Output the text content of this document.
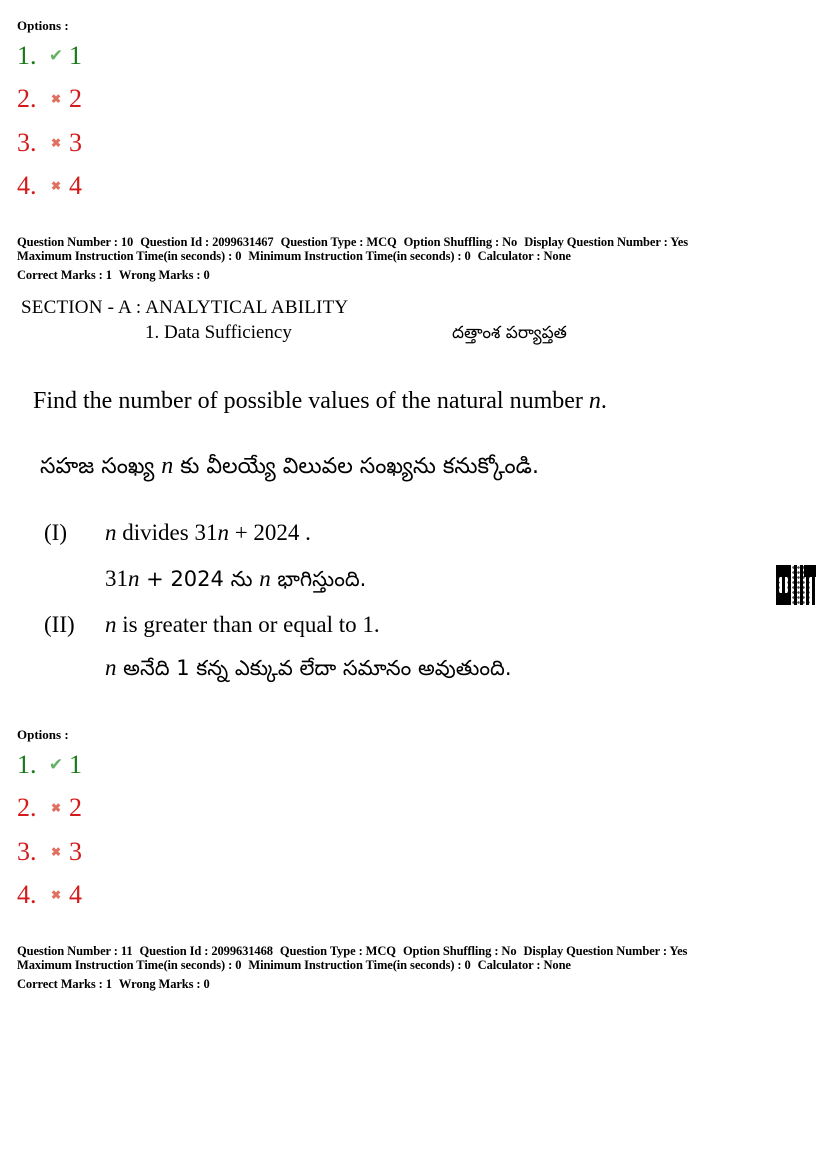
Options :
1. ✔ 1
2.	✖ 2
3.	✖ 3
4.	✖ 4
Question Number : 10 Question Id : 2099631467 Question Type : MCQ Option Shuffling : No Display Question Number : Yes
Maximum Instruction Time(in seconds) : 0 Minimum Instruction Time(in seconds) : 0 Calculator : None
Correct Marks : 1 Wrong Marks : 0
SECTION - A : ANALYTICAL ABILITY
1. Data Sufficiency	దత్తాంశ పర్యాప్తత
Find the number of possible values of the natural number n.
సహజ సంఖ్య n కు వీలయ్యే విలువల సంఖ్యను కనుక్కోండి.
(I) n divides 31n + 2024 .
31n + 2024 ను n భాగిస్తుంది.
(II) n is greater than or equal to 1.
n అనేది 1 కన్న ఎక్కువ లేదా సమానం అవుతుంది.
Options :
1. ✔ 1
2.	✖ 2
3.	✖ 3
4.	✖ 4
Question Number : 11 Question Id : 2099631468 Question Type : MCQ Option Shuffling : No Display Question Number : Yes
Maximum Instruction Time(in seconds) : 0 Minimum Instruction Time(in seconds) : 0 Calculator : None
Correct Marks : 1 Wrong Marks : 0
